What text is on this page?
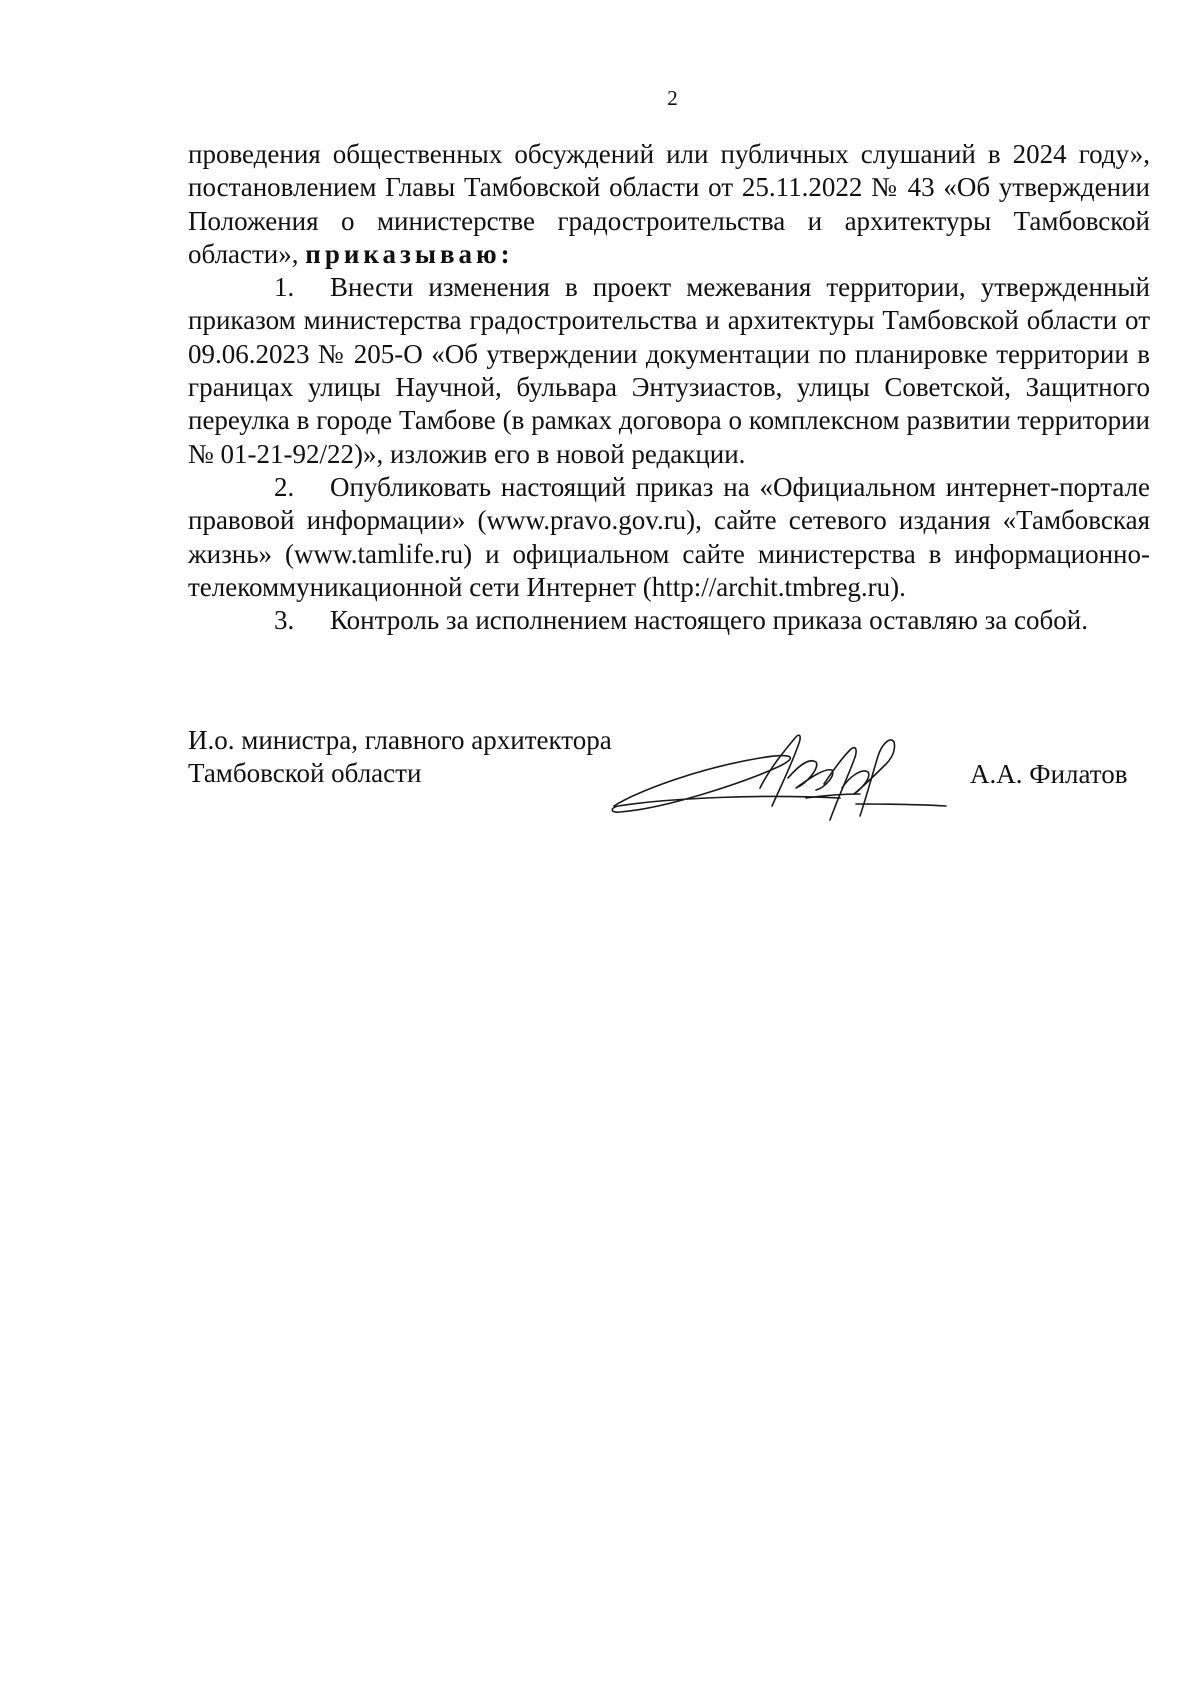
2

проведения общественных обсуждений или публичных слушаний в 2024 году», постановлением Главы Тамбовской области от 25.11.2022 № 43 «Об утверждении Положения о министерстве градостроительства и архитектуры Тамбовской области», приказываю:

1. Внести изменения в проект межевания территории, утвержденный приказом министерства градостроительства и архитектуры Тамбовской области от 09.06.2023 № 205-О «Об утверждении документации по планировке территории в границах улицы Научной, бульвара Энтузиастов, улицы Советской, Защитного переулка в городе Тамбове (в рамках договора о комплексном развитии территории № 01-21-92/22)», изложив его в новой редакции.

2. Опубликовать настоящий приказ на «Официальном интернет-портале правовой информации» (www.pravo.gov.ru), сайте сетевого издания «Тамбовская жизнь» (www.tamlife.ru) и официальном сайте министерства в информационно-телекоммуникационной сети Интернет (http://archit.tmbreg.ru).

3. Контроль за исполнением настоящего приказа оставляю за собой.

И.о. министра, главного архитектора
Тамбовской области	А.А. Филатов
